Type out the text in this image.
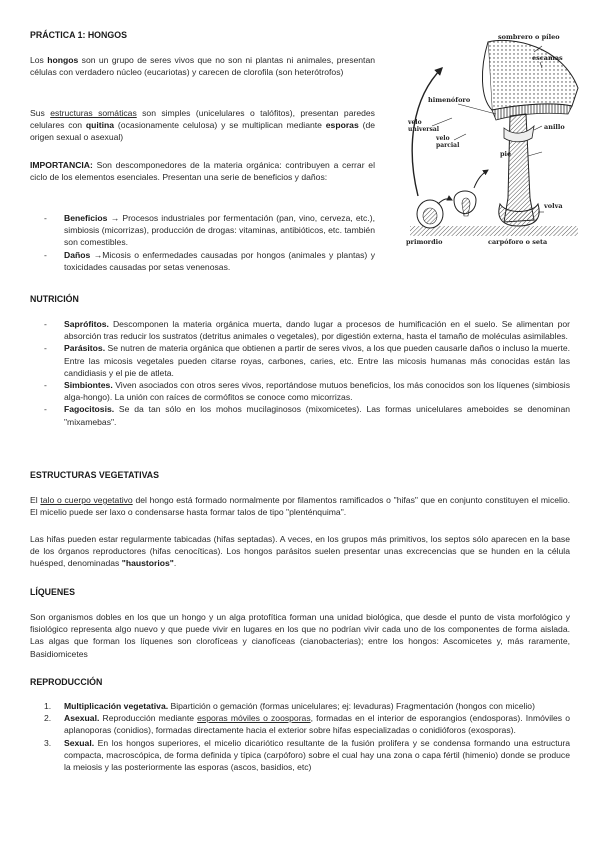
PRÁCTICA 1: HONGOS

Los hongos son un grupo de seres vivos que no son ni plantas ni animales, presentan células con verdadero núcleo (eucariotas) y carecen de clorofila (son heterótrofos)

Sus estructuras somáticas son simples (unicelulares o talófitos), presentan paredes celulares con quitina (ocasionamente celulosa) y se multiplican mediante esporas (de origen sexual o asexual)

IMPORTANCIA: Son descomponedores de la materia orgánica: contribuyen a cerrar el ciclo de los elementos esenciales. Presentan una serie de beneficios y daños:

- Beneficios → Procesos industriales por fermentación (pan, vino, cerveza, etc.), simbiosis (micorrizas), producción de drogas: vitaminas, antibióticos, etc. también son comestibles.
- Daños →Micosis o enfermedades causadas por hongos (animales y plantas) y toxicidades causadas por setas venenosas.
sombrero o píleo
escamas
himenóforo
velo universal
velo parcial
anillo
pie
volva
primordio	carpóforo o seta
NUTRICIÓN
- Saprófitos. Descomponen la materia orgánica muerta, dando lugar a procesos de humificación en el suelo. Se alimentan por absorción tras reducir los sustratos (detritus animales o vegetales), por digestión externa, hasta el tamaño de moléculas asimilables.
- Parásitos. Se nutren de materia orgánica que obtienen a partir de seres vivos, a los que pueden causarle daños o incluso la muerte. Entre las micosis vegetales pueden citarse royas, carbones, caries, etc. Entre las micosis humanas más conocidas están las candidiasis y el pie de atleta.
- Simbiontes. Viven asociados con otros seres vivos, reportándose mutuos beneficios, los más conocidos son los líquenes (simbiosis alga-hongo). La unión con raíces de cormófitos se conoce como micorrizas.
- Fagocitosis. Se da tan sólo en los mohos mucilaginosos (mixomicetes). Las formas unicelulares ameboides se denominan "mixamebas".
ESTRUCTURAS VEGETATIVAS

El talo o cuerpo vegetativo del hongo está formado normalmente por filamentos ramificados o "hifas" que en conjunto constituyen el micelio. El micelio puede ser laxo o condensarse hasta formar talos de tipo "plenténquima".

Las hifas pueden estar regularmente tabicadas (hifas septadas). A veces, en los grupos más primitivos, los septos sólo aparecen en la base de los órganos reproductores (hifas cenocíticas). Los hongos parásitos suelen presentar unas excrecencias que se hunden en la célula huésped, denominadas "haustorios".

LÍQUENES

Son organismos dobles en los que un hongo y un alga protofítica forman una unidad biológica, que desde el punto de vista morfológico y fisiológico representa algo nuevo y que puede vivir en lugares en los que no podrían vivir cada uno de los componentes de forma aislada. Las algas que forman los líquenes son clorofíceas y cianofíceas (cianobacterias); entre los hongos: Ascomicetes y, más raramente, Basidiomicetes

REPRODUCCIÓN
1. Multiplicación vegetativa. Bipartición o gemación (formas unicelulares; ej: levaduras) Fragmentación (hongos con micelio)
2. Asexual. Reproducción mediante esporas móviles o zoosporas, formadas en el interior de esporangios (endosporas). Inmóviles o aplanoporas (conidios), formadas directamente hacia el exterior sobre hifas especializadas o conidióforos (exosporas).
3. Sexual. En los hongos superiores, el micelio dicariótico resultante de la fusión prolifera y se condensa formando una estructura compacta, macroscópica, de forma definida y típica (carpóforo) sobre el cual hay una zona o capa fértil (himenio) donde se produce la meiosis y las posteriormente las esporas (ascos, basidios, etc)
